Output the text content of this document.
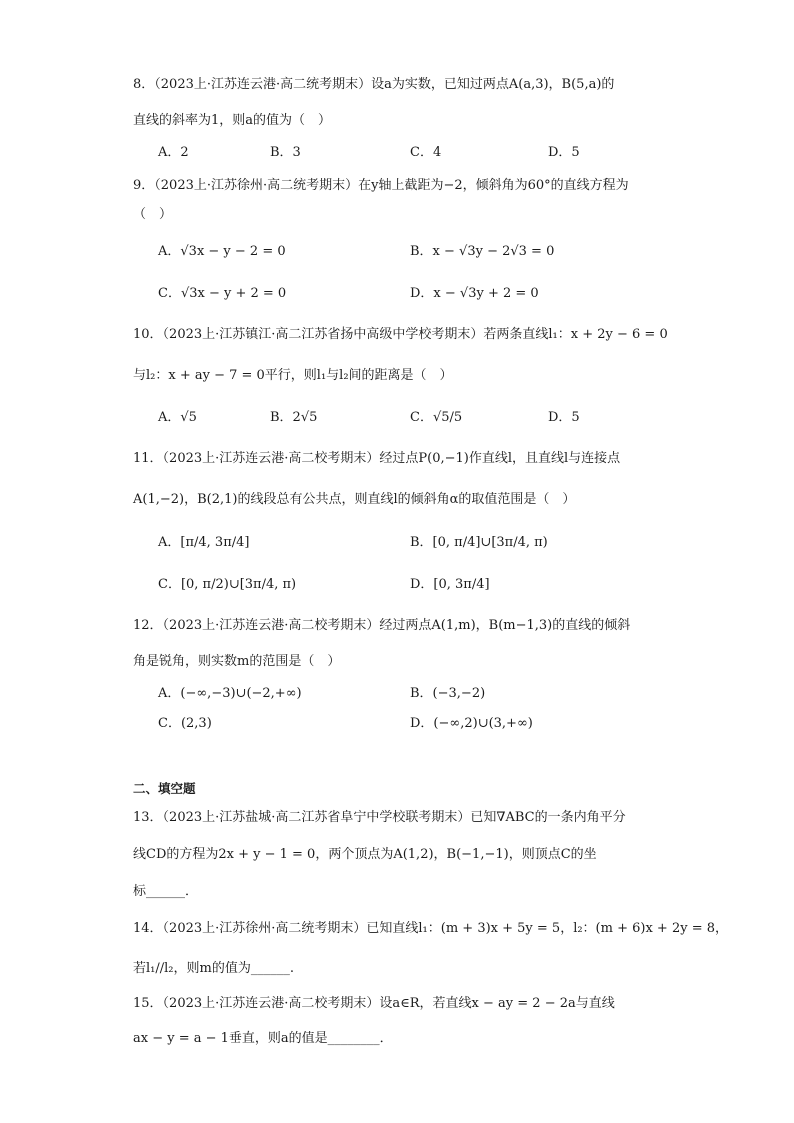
8．（2023上·江苏连云港·高二统考期末）设a为实数，已知过两点A(a,3)，B(5,a)的
直线的斜率为1，则a的值为（　）
A．2	B．3	C．4	D．5
9．（2023上·江苏徐州·高二统考期末）在y轴上截距为−2，倾斜角为60°的直线方程为
（　）
A．√3x − y − 2 = 0	B．x − √3y − 2√3 = 0
C．√3x − y + 2 = 0	D．x − √3y + 2 = 0
10．（2023上·江苏镇江·高二江苏省扬中高级中学校考期末）若两条直线l₁：x + 2y − 6 = 0
与l₂：x + ay − 7 = 0平行，则l₁与l₂间的距离是（　）
A．√5	B．2√5	C．√5/5	D．5
11．（2023上·江苏连云港·高二校考期末）经过点P(0,−1)作直线l，且直线l与连接点
A(1,−2)，B(2,1)的线段总有公共点，则直线l的倾斜角α的取值范围是（　）
A．[π/4, 3π/4]	B．[0, π/4]∪[3π/4, π)
C．[0, π/2)∪[3π/4, π)	D．[0, 3π/4]
12．（2023上·江苏连云港·高二校考期末）经过两点A(1,m)，B(m−1,3)的直线的倾斜
角是锐角，则实数m的范围是（　）
A．(−∞,−3)∪(−2,+∞)	B．(−3,−2)
C．(2,3)	D．(−∞,2)∪(3,+∞)
二、填空题
13．（2023上·江苏盐城·高二江苏省阜宁中学校联考期末）已知∇ABC的一条内角平分
线CD的方程为2x + y − 1 = 0，两个顶点为A(1,2)，B(−1,−1)，则顶点C的坐
标______．
14．（2023上·江苏徐州·高二统考期末）已知直线l₁：(m + 3)x + 5y = 5，l₂：(m + 6)x + 2y = 8，
若l₁//l₂，则m的值为______.
15．（2023上·江苏连云港·高二校考期末）设a∈R，若直线x − ay = 2 − 2a与直线
ax − y = a − 1垂直，则a的值是________．
